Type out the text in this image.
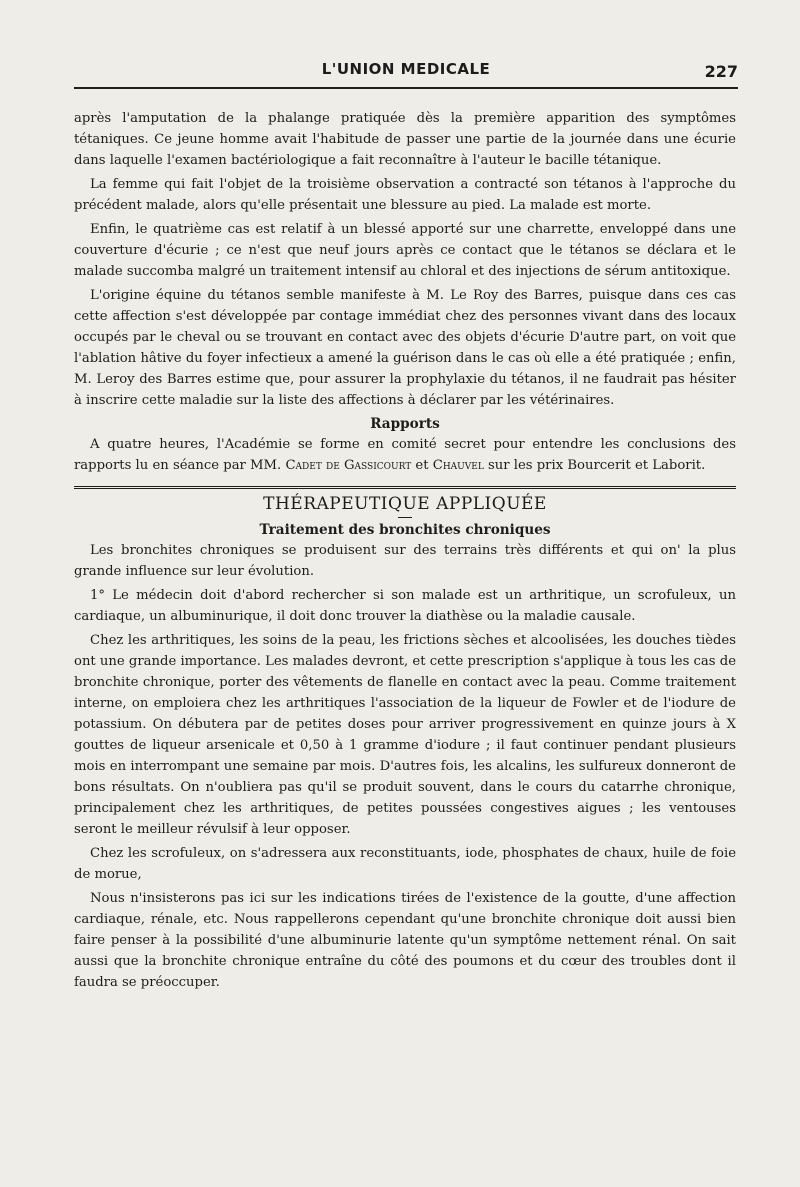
L'UNION MEDICALE	227

après l'amputation de la phalange pratiquée dès la première apparition des symptômes tétaniques. Ce jeune homme avait l'habitude de passer une partie de la journée dans une écurie dans laquelle l'examen bactériologique a fait reconnaître à l'auteur le bacille tétanique.

La femme qui fait l'objet de la troisième observation a contracté son tétanos à l'approche du précédent malade, alors qu'elle présentait une blessure au pied. La malade est morte.

Enfin, le quatrième cas est relatif à un blessé apporté sur une charrette, enveloppé dans une couverture d'écurie ; ce n'est que neuf jours après ce contact que le tétanos se déclara et le malade succomba malgré un traitement intensif au chloral et des injections de sérum antitoxique.

L'origine équine du tétanos semble manifeste à M. Le Roy des Barres, puisque dans ces cas cette affection s'est développée par contage immédiat chez des personnes vivant dans des locaux occupés par le cheval ou se trouvant en contact avec des objets d'écurie D'autre part, on voit que l'ablation hâtive du foyer infectieux a amené la guérison dans le cas où elle a été pratiquée ; enfin, M. Leroy des Barres estime que, pour assurer la prophylaxie du tétanos, il ne faudrait pas hésiter à inscrire cette maladie sur la liste des affections à déclarer par les vétérinaires.

Rapports

A quatre heures, l'Académie se forme en comité secret pour entendre les conclusions des rapports lu en séance par MM. Cadet de Gassicourt et Chauvel sur les prix Bourcerit et Laborit.

THÉRAPEUTIQUE APPLIQUÉE
Traitement des bronchites chroniques

Les bronchites chroniques se produisent sur des terrains très différents et qui on' la plus grande influence sur leur évolution.

1° Le médecin doit d'abord rechercher si son malade est un arthritique, un scrofuleux, un cardiaque, un albuminurique, il doit donc trouver la diathèse ou la maladie causale.

Chez les arthritiques, les soins de la peau, les frictions sèches et alcoolisées, les douches tièdes ont une grande importance. Les malades devront, et cette prescription s'applique à tous les cas de bronchite chronique, porter des vêtements de flanelle en contact avec la peau. Comme traitement interne, on emploiera chez les arthritiques l'association de la liqueur de Fowler et de l'iodure de potassium. On débutera par de petites doses pour arriver progressivement en quinze jours à X gouttes de liqueur arsenicale et 0,50 à 1 gramme d'iodure ; il faut continuer pendant plusieurs mois en interrompant une semaine par mois. D'autres fois, les alcalins, les sulfureux donneront de bons résultats. On n'oubliera pas qu'il se produit souvent, dans le cours du catarrhe chronique, principalement chez les arthritiques, de petites poussées congestives aigues ; les ventouses seront le meilleur révulsif à leur opposer.

Chez les scrofuleux, on s'adressera aux reconstituants, iode, phosphates de chaux, huile de foie de morue,

Nous n'insisterons pas ici sur les indications tirées de l'existence de la goutte, d'une affection cardiaque, rénale, etc. Nous rappellerons cependant qu'une bronchite chronique doit aussi bien faire penser à la possibilité d'une albuminurie latente qu'un symptôme nettement rénal. On sait aussi que la bronchite chronique entraîne du côté des poumons et du cœur des troubles dont il faudra se préoccuper.
